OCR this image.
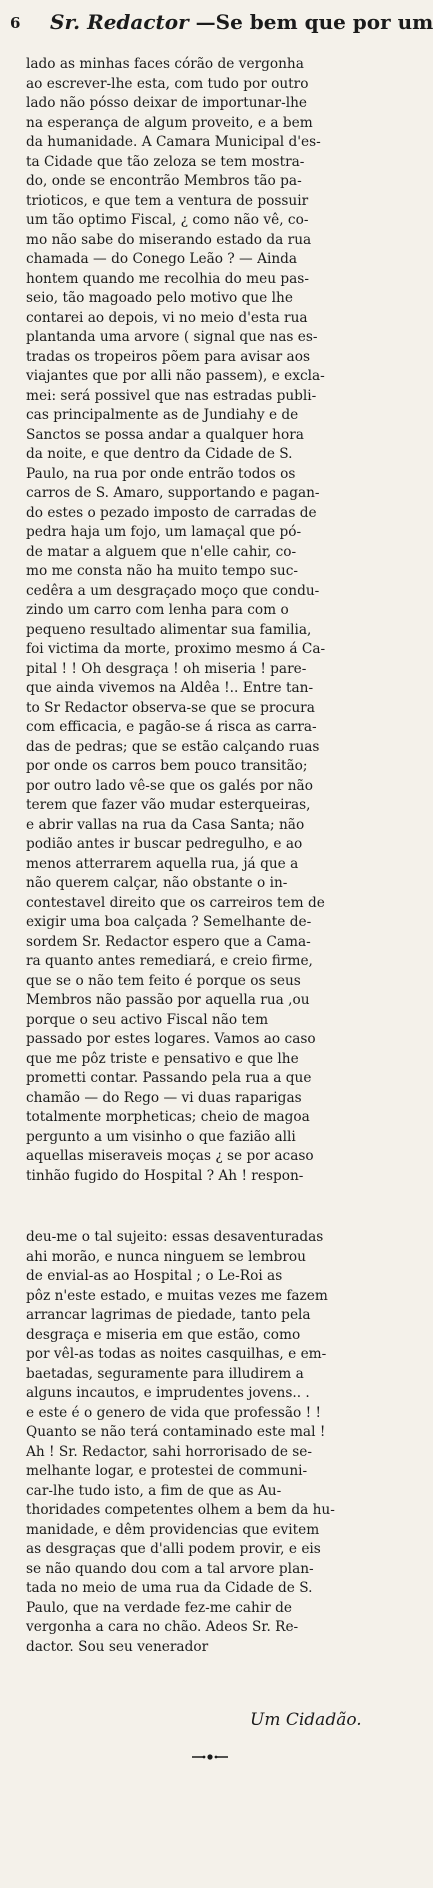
6 Sr. Redactor —Se bem que por um
lado as minhas faces córão de vergonha
ao escrever-lhe esta, com tudo por outro
lado não pósso deixar de importunar-lhe
na esperança de algum proveito, e a bem
da humanidade. A Camara Municipal d'es-
ta Cidade que tão zeloza se tem mostra-
do, onde se encontrão Membros tão pa-
trioticos, e que tem a ventura de possuir
um tão optimo Fiscal, ¿ como não vê, co-
mo não sabe do miserando estado da rua
chamada — do Conego Leão ? — Ainda
hontem quando me recolhia do meu pas-
seio, tão magoado pelo motivo que lhe
contarei ao depois, vi no meio d'esta rua
plantanda uma arvore ( signal que nas es-
tradas os tropeiros põem para avisar aos
viajantes que por alli não passem), e excla-
mei: será possivel que nas estradas publi-
cas principalmente as de Jundiahy e de
Sanctos se possa andar a qualquer hora
da noite, e que dentro da Cidade de S.
Paulo, na rua por onde entrão todos os
carros de S. Amaro, supportando e pagan-
do estes o pezado imposto de carradas de
pedra haja um fojo, um lamaçal que pó-
de matar a alguem que n'elle cahir, co-
mo me consta não ha muito tempo suc-
cedêra a um desgraçado moço que condu-
zindo um carro com lenha para com o
pequeno resultado alimentar sua familia,
foi victima da morte, proximo mesmo á Ca-
pital ! ! Oh desgraça ! oh miseria ! pare-
que ainda vivemos na Aldêa !.. Entre tan-
to Sr Redactor observa-se que se procura
com efficacia, e pagão-se á risca as carra-
das de pedras; que se estão calçando ruas
por onde os carros bem pouco transitão;
por outro lado vê-se que os galés por não
terem que fazer vão mudar esterqueiras,
e abrir vallas na rua da Casa Santa; não
podião antes ir buscar pedregulho, e ao
menos atterrarem aquella rua, já que a
não querem calçar, não obstante o in-
contestavel direito que os carreiros tem de
exigir uma boa calçada ? Semelhante de-
sordem Sr. Redactor espero que a Cama-
ra quanto antes remediará, e creio firme,
que se o não tem feito é porque os seus
Membros não passão por aquella rua ,ou
porque o seu activo Fiscal não tem
passado por estes logares. Vamos ao caso
que me pôz triste e pensativo e que lhe
prometti contar. Passando pela rua a que
chamão — do Rego — vi duas raparigas
totalmente morpheticas; cheio de magoa
pergunto a um visinho o que fazião alli
aquellas miseraveis moças ¿ se por acaso
tinhão fugido do Hospital ? Ah ! respon-
deu-me o tal sujeito: essas desaventuradas
ahi morão, e nunca ninguem se lembrou
de envial-as ao Hospital ; o Le-Roi as
pôz n'este estado, e muitas vezes me fazem
arrancar lagrimas de piedade, tanto pela
desgraça e miseria em que estão, como
por vêl-as todas as noites casquilhas, e em-
baetadas, seguramente para illudirem a
alguns incautos, e imprudentes jovens.. .
e este é o genero de vida que professão ! !
Quanto se não terá contaminado este mal !
Ah ! Sr. Redactor, sahi horrorisado de se-
melhante logar, e protestei de communi-
car-lhe tudo isto, a fim de que as Au-
thoridades competentes olhem a bem da hu-
manidade, e dêm providencias que evitem
as desgraças que d'alli podem provir, e eis
se não quando dou com a tal arvore plan-
tada no meio de uma rua da Cidade de S.
Paulo, que na verdade fez-me cahir de
vergonha a cara no chão. Adeos Sr. Re-
dactor. Sou seu venerador
Um Cidadão.
